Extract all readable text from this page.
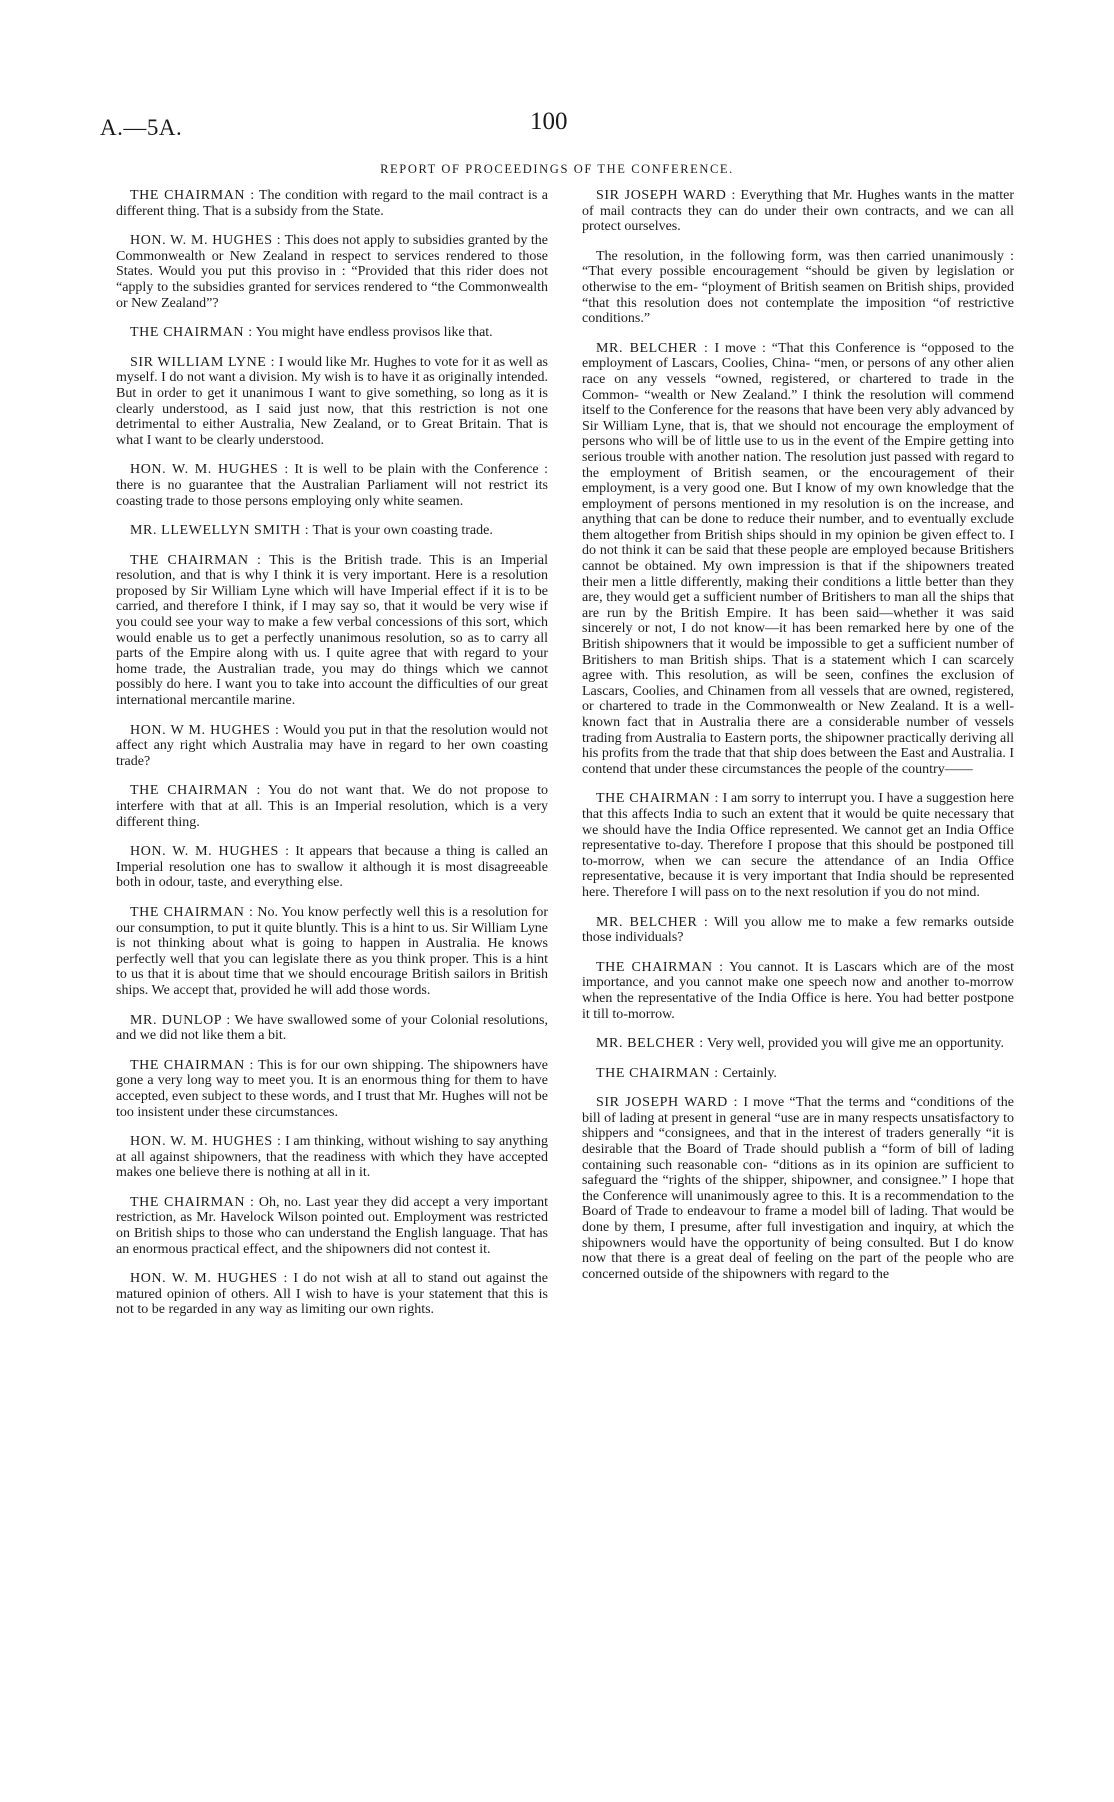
A.—5A.	100
REPORT OF PROCEEDINGS OF THE CONFERENCE.

THE CHAIRMAN : The condition with regard to the mail contract is a different thing. That is a subsidy from the State.

HON. W. M. HUGHES : This does not apply to subsidies granted by the Commonwealth or New Zealand in respect to services rendered to those States. Would you put this proviso in : “Provided that this rider does not “apply to the subsidies granted for services rendered to “the Commonwealth or New Zealand”?

THE CHAIRMAN : You might have endless provisos like that.

SIR WILLIAM LYNE : I would like Mr. Hughes to vote for it as well as myself. I do not want a division. My wish is to have it as originally intended. But in order to get it unanimous I want to give something, so long as it is clearly understood, as I said just now, that this restriction is not one detrimental to either Australia, New Zealand, or to Great Britain. That is what I want to be clearly understood.

HON. W. M. HUGHES : It is well to be plain with the Conference : there is no guarantee that the Australian Parliament will not restrict its coasting trade to those persons employing only white seamen.

MR. LLEWELLYN SMITH : That is your own coasting trade.

THE CHAIRMAN : This is the British trade. This is an Imperial resolution, and that is why I think it is very important. Here is a resolution proposed by Sir William Lyne which will have Imperial effect if it is to be carried, and therefore I think, if I may say so, that it would be very wise if you could see your way to make a few verbal concessions of this sort, which would enable us to get a perfectly unanimous resolution, so as to carry all parts of the Empire along with us. I quite agree that with regard to your home trade, the Australian trade, you may do things which we cannot possibly do here. I want you to take into account the difficulties of our great international mercantile marine.

HON. W M. HUGHES : Would you put in that the resolution would not affect any right which Australia may have in regard to her own coasting trade?

THE CHAIRMAN : You do not want that. We do not propose to interfere with that at all. This is an Imperial resolution, which is a very different thing.

HON. W. M. HUGHES : It appears that because a thing is called an Imperial resolution one has to swallow it although it is most disagreeable both in odour, taste, and everything else.

THE CHAIRMAN : No. You know perfectly well this is a resolution for our consumption, to put it quite bluntly. This is a hint to us. Sir William Lyne is not thinking about what is going to happen in Australia. He knows perfectly well that you can legislate there as you think proper. This is a hint to us that it is about time that we should encourage British sailors in British ships. We accept that, provided he will add those words.

MR. DUNLOP : We have swallowed some of your Colonial resolutions, and we did not like them a bit.

THE CHAIRMAN : This is for our own shipping. The shipowners have gone a very long way to meet you. It is an enormous thing for them to have accepted, even subject to these words, and I trust that Mr. Hughes will not be too insistent under these circumstances.

HON. W. M. HUGHES : I am thinking, without wishing to say anything at all against shipowners, that the readiness with which they have accepted makes one believe there is nothing at all in it.

THE CHAIRMAN : Oh, no. Last year they did accept a very important restriction, as Mr. Havelock Wilson pointed out. Employment was restricted on British ships to those who can understand the English language. That has an enormous practical effect, and the shipowners did not contest it.

HON. W. M. HUGHES : I do not wish at all to stand out against the matured opinion of others. All I wish to have is your statement that this is not to be regarded in any way as limiting our own rights.

SIR JOSEPH WARD : Everything that Mr. Hughes wants in the matter of mail contracts they can do under their own contracts, and we can all protect ourselves.

The resolution, in the following form, was then carried unanimously : “That every possible encouragement “should be given by legislation or otherwise to the em- “ployment of British seamen on British ships, provided “that this resolution does not contemplate the imposition “of restrictive conditions.”

MR. BELCHER : I move : “That this Conference is “opposed to the employment of Lascars, Coolies, China- “men, or persons of any other alien race on any vessels “owned, registered, or chartered to trade in the Common- “wealth or New Zealand.” I think the resolution will commend itself to the Conference for the reasons that have been very ably advanced by Sir William Lyne, that is, that we should not encourage the employment of persons who will be of little use to us in the event of the Empire getting into serious trouble with another nation. The resolution just passed with regard to the employment of British seamen, or the encouragement of their employment, is a very good one. But I know of my own knowledge that the employment of persons mentioned in my resolution is on the increase, and anything that can be done to reduce their number, and to eventually exclude them altogether from British ships should in my opinion be given effect to. I do not think it can be said that these people are employed because Britishers cannot be obtained. My own impression is that if the shipowners treated their men a little differently, making their conditions a little better than they are, they would get a sufficient number of Britishers to man all the ships that are run by the British Empire. It has been said—whether it was said sincerely or not, I do not know—it has been remarked here by one of the British shipowners that it would be impossible to get a sufficient number of Britishers to man British ships. That is a statement which I can scarcely agree with. This resolution, as will be seen, confines the exclusion of Lascars, Coolies, and Chinamen from all vessels that are owned, registered, or chartered to trade in the Commonwealth or New Zealand. It is a well-known fact that in Australia there are a considerable number of vessels trading from Australia to Eastern ports, the shipowner practically deriving all his profits from the trade that that ship does between the East and Australia. I contend that under these circumstances the people of the country——

THE CHAIRMAN : I am sorry to interrupt you. I have a suggestion here that this affects India to such an extent that it would be quite necessary that we should have the India Office represented. We cannot get an India Office representative to-day. Therefore I propose that this should be postponed till to-morrow, when we can secure the attendance of an India Office representative, because it is very important that India should be represented here. Therefore I will pass on to the next resolution if you do not mind.

MR. BELCHER : Will you allow me to make a few remarks outside those individuals?

THE CHAIRMAN : You cannot. It is Lascars which are of the most importance, and you cannot make one speech now and another to-morrow when the representative of the India Office is here. You had better postpone it till to-morrow.

MR. BELCHER : Very well, provided you will give me an opportunity.

THE CHAIRMAN : Certainly.

SIR JOSEPH WARD : I move “That the terms and “conditions of the bill of lading at present in general “use are in many respects unsatisfactory to shippers and “consignees, and that in the interest of traders generally “it is desirable that the Board of Trade should publish a “form of bill of lading containing such reasonable con- “ditions as in its opinion are sufficient to safeguard the “rights of the shipper, shipowner, and consignee.” I hope that the Conference will unanimously agree to this. It is a recommendation to the Board of Trade to endeavour to frame a model bill of lading. That would be done by them, I presume, after full investigation and inquiry, at which the shipowners would have the opportunity of being consulted. But I do know now that there is a great deal of feeling on the part of the people who are concerned outside of the shipowners with regard to the
